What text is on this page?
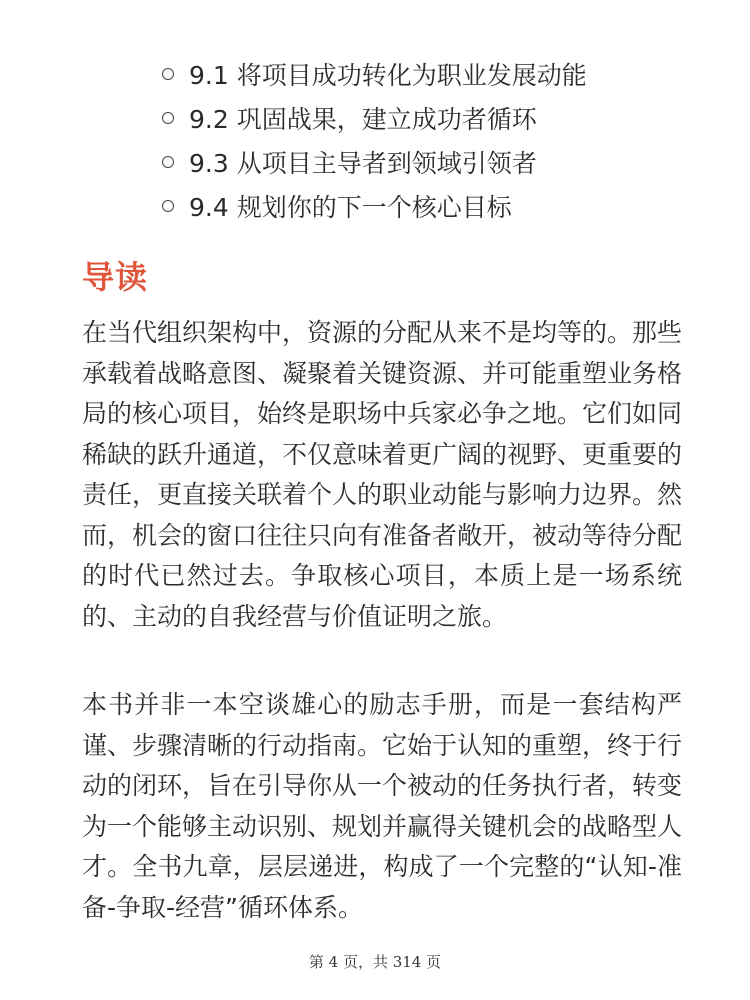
9.1 将项目成功转化为职业发展动能
9.2 巩固战果，建立成功者循环
9.3 从项目主导者到领域引领者
9.4 规划你的下一个核心目标
导读

在当代组织架构中，资源的分配从来不是均等的。那些承载着战略意图、凝聚着关键资源、并可能重塑业务格局的核心项目，始终是职场中兵家必争之地。它们如同稀缺的跃升通道，不仅意味着更广阔的视野、更重要的责任，更直接关联着个人的职业动能与影响力边界。然而，机会的窗口往往只向有准备者敞开，被动等待分配的时代已然过去。争取核心项目，本质上是一场系统的、主动的自我经营与价值证明之旅。

本书并非一本空谈雄心的励志手册，而是一套结构严谨、步骤清晰的行动指南。它始于认知的重塑，终于行动的闭环，旨在引导你从一个被动的任务执行者，转变为一个能够主动识别、规划并赢得关键机会的战略型人才。全书九章，层层递进，构成了一个完整的“认知-准备-争取-经营”循环体系。

第 4 页，共 314 页
